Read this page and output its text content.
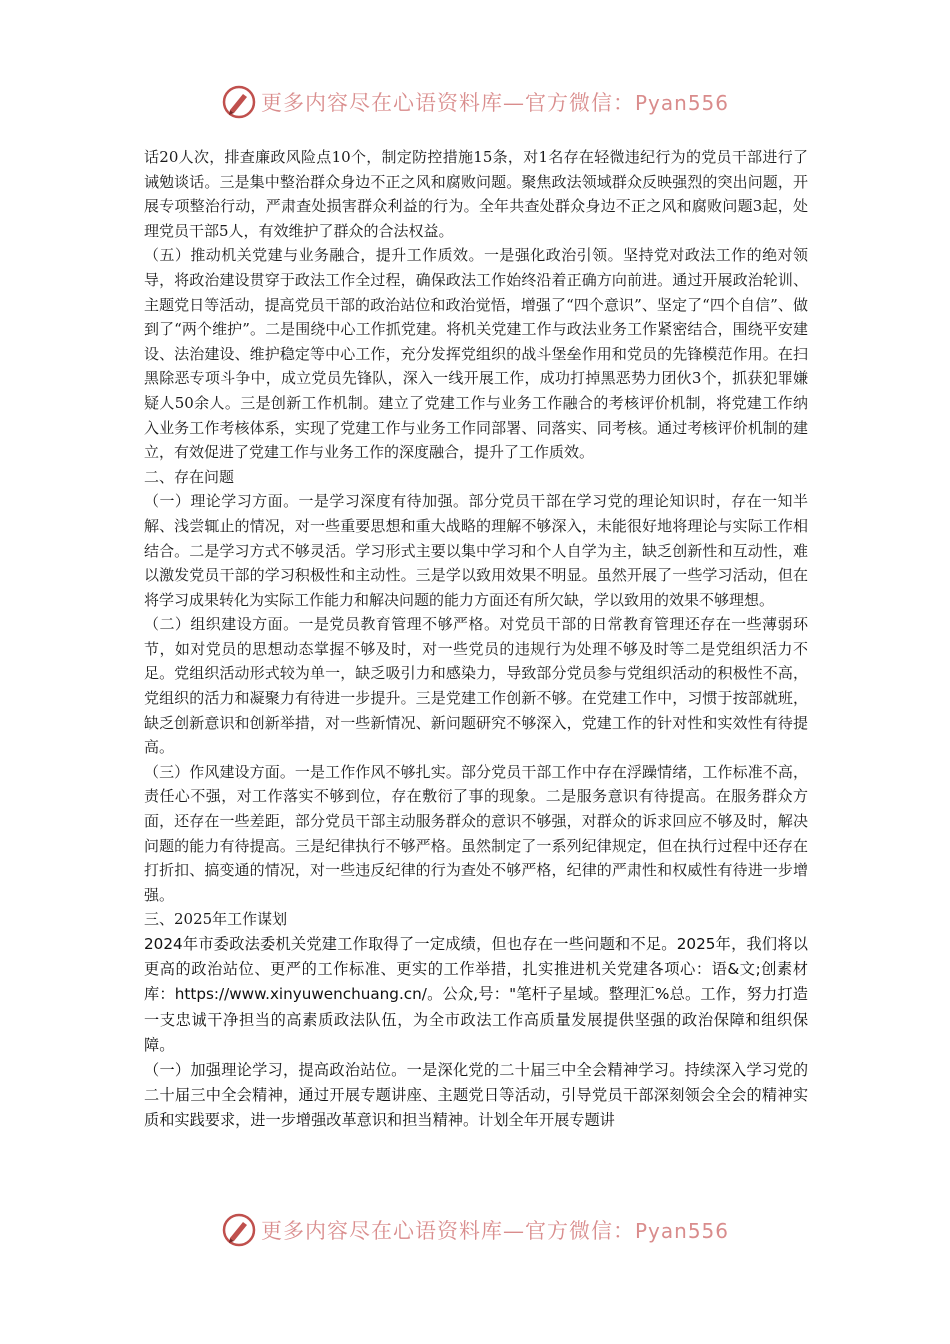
更多内容尽在心语资料库—官方微信：Pyan556

话20人次，排查廉政风险点10个，制定防控措施15条，对1名存在轻微违纪行为的党员干部进行了诫勉谈话。三是集中整治群众身边不正之风和腐败问题。聚焦政法领域群众反映强烈的突出问题，开展专项整治行动，严肃查处损害群众利益的行为。全年共查处群众身边不正之风和腐败问题3起，处理党员干部5人，有效维护了群众的合法权益。

（五）推动机关党建与业务融合，提升工作质效。一是强化政治引领。坚持党对政法工作的绝对领导，将政治建设贯穿于政法工作全过程，确保政法工作始终沿着正确方向前进。通过开展政治轮训、主题党日等活动，提高党员干部的政治站位和政治觉悟，增强了“四个意识”、坚定了“四个自信”、做到了“两个维护”。二是围绕中心工作抓党建。将机关党建工作与政法业务工作紧密结合，围绕平安建设、法治建设、维护稳定等中心工作，充分发挥党组织的战斗堡垒作用和党员的先锋模范作用。在扫黑除恶专项斗争中，成立党员先锋队，深入一线开展工作，成功打掉黑恶势力团伙3个，抓获犯罪嫌疑人50余人。三是创新工作机制。建立了党建工作与业务工作融合的考核评价机制，将党建工作纳入业务工作考核体系，实现了党建工作与业务工作同部署、同落实、同考核。通过考核评价机制的建立，有效促进了党建工作与业务工作的深度融合，提升了工作质效。

二、存在问题

（一）理论学习方面。一是学习深度有待加强。部分党员干部在学习党的理论知识时，存在一知半解、浅尝辄止的情况，对一些重要思想和重大战略的理解不够深入，未能很好地将理论与实际工作相结合。二是学习方式不够灵活。学习形式主要以集中学习和个人自学为主，缺乏创新性和互动性，难以激发党员干部的学习积极性和主动性。三是学以致用效果不明显。虽然开展了一些学习活动，但在将学习成果转化为实际工作能力和解决问题的能力方面还有所欠缺，学以致用的效果不够理想。

（二）组织建设方面。一是党员教育管理不够严格。对党员干部的日常教育管理还存在一些薄弱环节，如对党员的思想动态掌握不够及时，对一些党员的违规行为处理不够及时等二是党组织活力不足。党组织活动形式较为单一，缺乏吸引力和感染力，导致部分党员参与党组织活动的积极性不高，党组织的活力和凝聚力有待进一步提升。三是党建工作创新不够。在党建工作中，习惯于按部就班，缺乏创新意识和创新举措，对一些新情况、新问题研究不够深入，党建工作的针对性和实效性有待提高。

（三）作风建设方面。一是工作作风不够扎实。部分党员干部工作中存在浮躁情绪，工作标准不高，责任心不强，对工作落实不够到位，存在敷衍了事的现象。二是服务意识有待提高。在服务群众方面，还存在一些差距，部分党员干部主动服务群众的意识不够强，对群众的诉求回应不够及时，解决问题的能力有待提高。三是纪律执行不够严格。虽然制定了一系列纪律规定，但在执行过程中还存在打折扣、搞变通的情况，对一些违反纪律的行为查处不够严格，纪律的严肃性和权威性有待进一步增强。

三、2025年工作谋划

2024年市委政法委机关党建工作取得了一定成绩，但也存在一些问题和不足。2025年，我们将以更高的政治站位、更严的工作标准、更实的工作举措，扎实推进机关党建各项心：语&文;创素材库：https://www.xinyuwenchuang.cn/。公众,号："笔杆子星域。整理汇%总。工作，努力打造一支忠诚干净担当的高素质政法队伍，为全市政法工作高质量发展提供坚强的政治保障和组织保障。

（一）加强理论学习，提高政治站位。一是深化党的二十届三中全会精神学习。持续深入学习党的二十届三中全会精神，通过开展专题讲座、主题党日等活动，引导党员干部深刻领会全会的精神实质和实践要求，进一步增强改革意识和担当精神。计划全年开展专题讲

更多内容尽在心语资料库—官方微信：Pyan556
